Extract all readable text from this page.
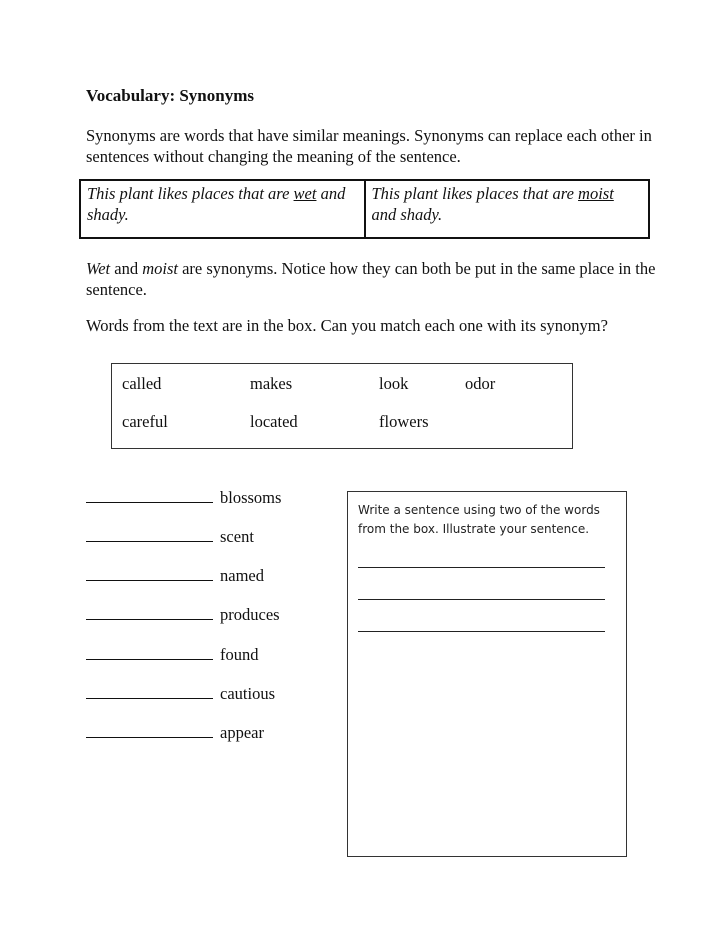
Vocabulary: Synonyms

Synonyms are words that have similar meanings. Synonyms can replace each other in sentences without changing the meaning of the sentence.

This plant likes places that are wet and shady.
This plant likes places that are moist and shady.

Wet and moist are synonyms. Notice how they can both be put in the same place in the sentence.

Words from the text are in the box. Can you match each one with its synonym?

called	makes	look	odor
careful	located	flowers
blossoms
scent
named
produces
found
cautious
appear

Write a sentence using two of the words from the box. Illustrate your sentence.
